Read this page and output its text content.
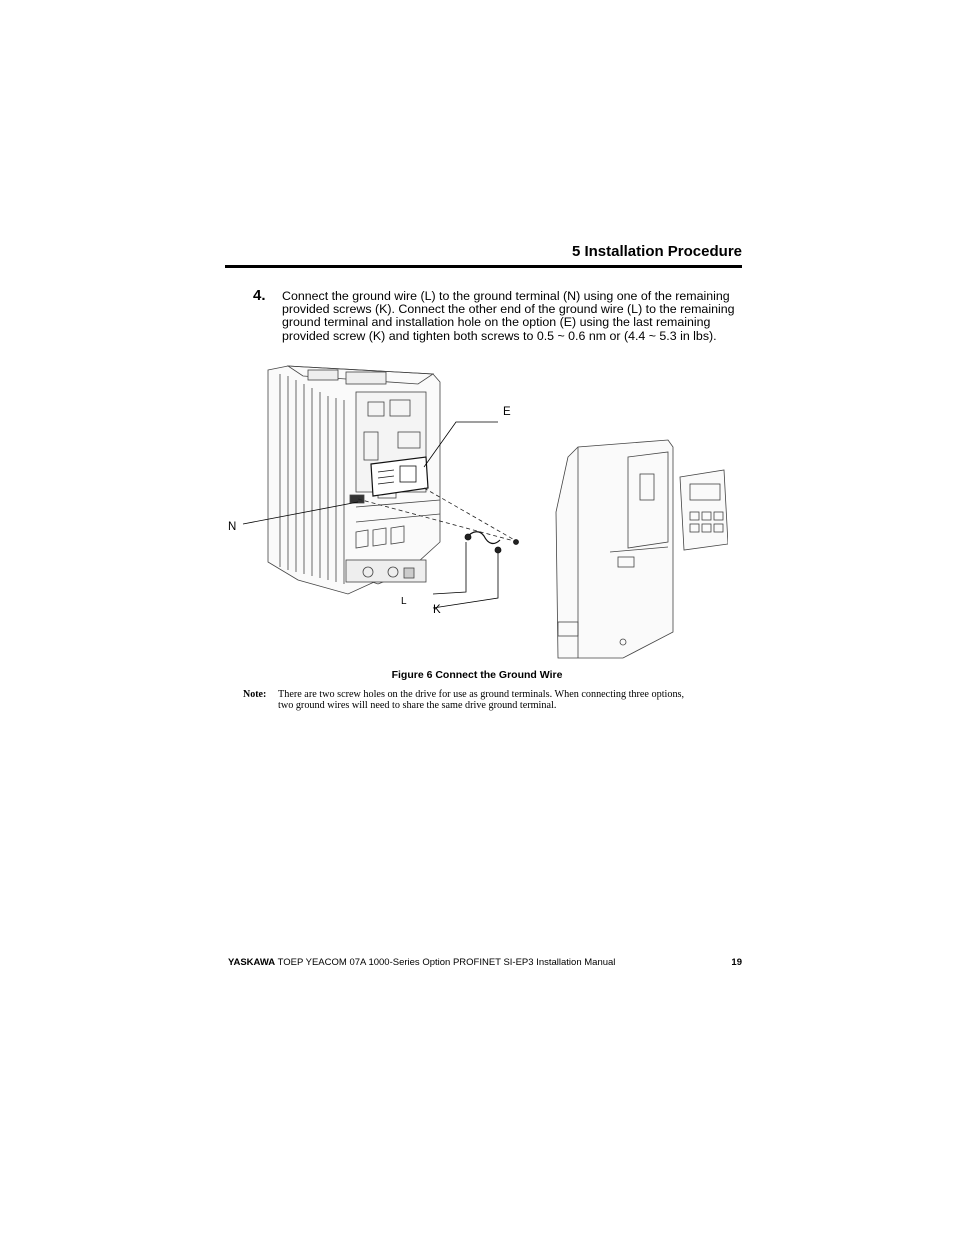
5 Installation Procedure
4. Connect the ground wire (L) to the ground terminal (N) using one of the remaining provided screws (K). Connect the other end of the ground wire (L) to the remaining ground terminal and installation hole on the option (E) using the last remaining provided screw (K) and tighten both screws to 0.5 ~ 0.6 nm or (4.4 ~ 5.3 in lbs).

E
N
L
K
Figure 6 Connect the Ground Wire
Note: There are two screw holes on the drive for use as ground terminals. When connecting three options, two ground wires will need to share the same drive ground terminal.

YASKAWA TOEP YEACOM 07A 1000-Series Option PROFINET SI-EP3 Installation Manual	19
